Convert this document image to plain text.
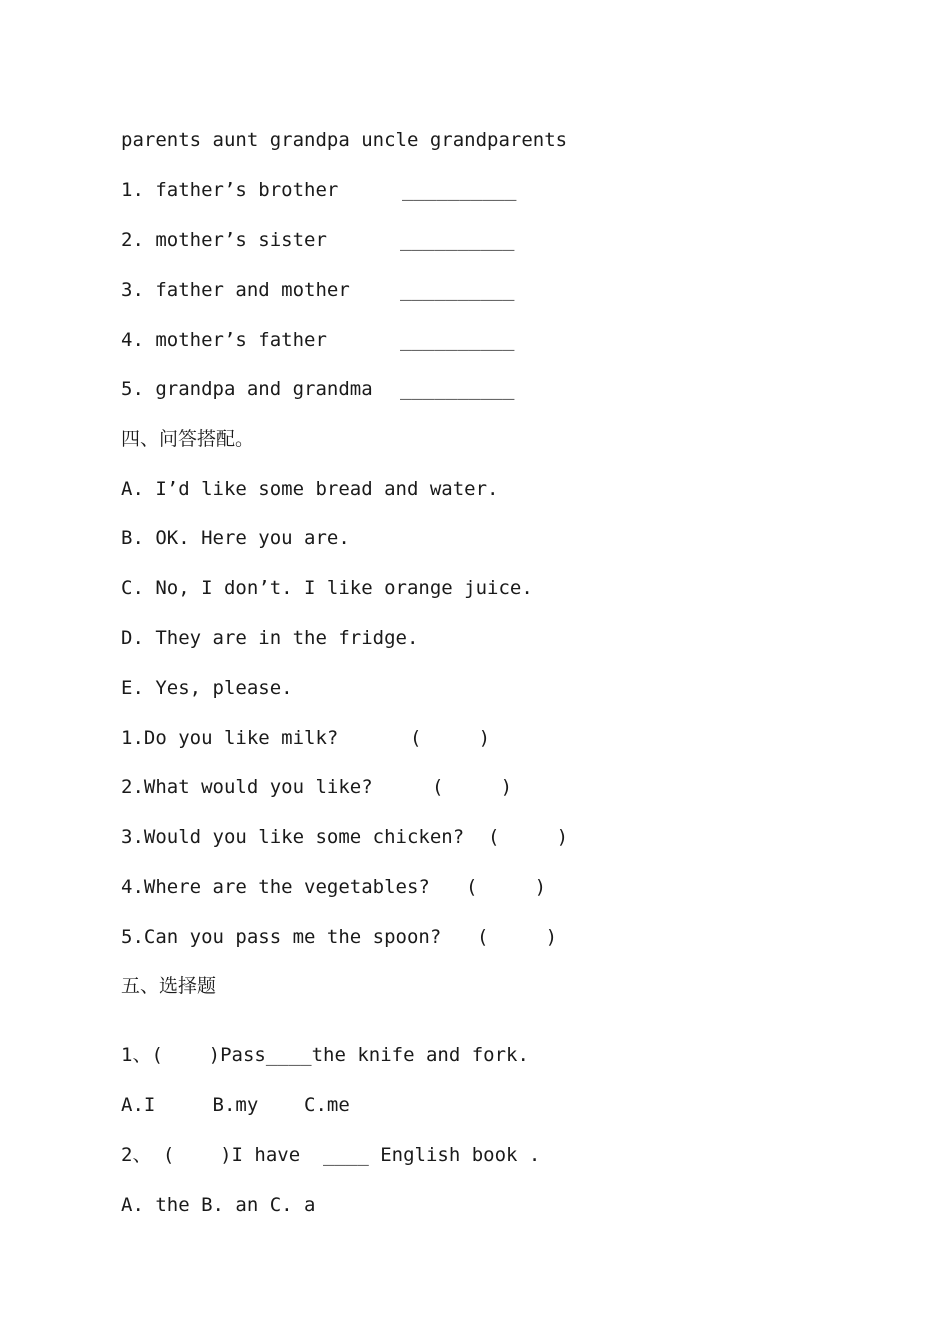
parents aunt grandpa uncle grandparents
1. father’s brother	__________
2. mother’s sister	__________
3. father and mother	__________
4. mother’s father	__________
5. grandpa and grandma __________
四、问答搭配。
A. I’d like some bread and water.
B. OK. Here you are.
C. No, I don’t. I like orange juice.
D. They are in the fridge.
E. Yes, please.
1.Do you like milk?	(     )
2.What would you like?	(     )
3.Would you like some chicken? (     )
4.Where are the vegetables? (     )
5.Can you pass me the spoon? (     )
五、选择题
1、(    )Pass____the knife and fork.
A.I     B.my    C.me
2、 (    )I have  ____ English book .
A. the B. an C. a
